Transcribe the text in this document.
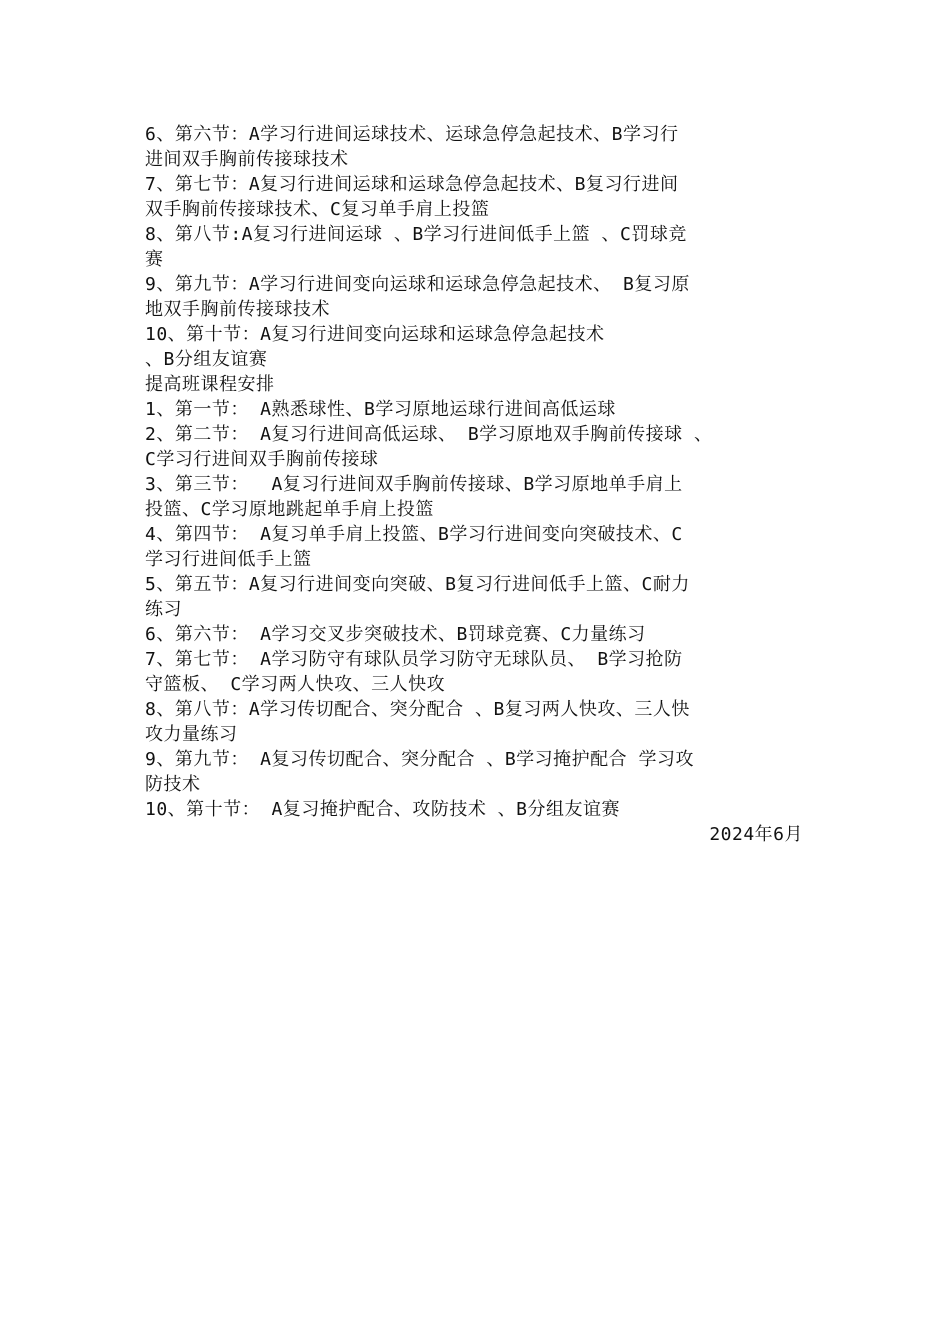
6、第六节：A学习行进间运球技术、运球急停急起技术、B学习行
进间双手胸前传接球技术
7、第七节：A复习行进间运球和运球急停急起技术、B复习行进间
双手胸前传接球技术、C复习单手肩上投篮
8、第八节:A复习行进间运球 、B学习行进间低手上篮 、C罚球竞
赛
9、第九节：A学习行进间变向运球和运球急停急起技术、 B复习原
地双手胸前传接球技术
10、第十节：A复习行进间变向运球和运球急停急起技术
、B分组友谊赛
提高班课程安排
1、第一节： A熟悉球性、B学习原地运球行进间高低运球
2、第二节： A复习行进间高低运球、 B学习原地双手胸前传接球 、
C学习行进间双手胸前传接球
3、第三节：  A复习行进间双手胸前传接球、B学习原地单手肩上
投篮、C学习原地跳起单手肩上投篮
4、第四节： A复习单手肩上投篮、B学习行进间变向突破技术、C
学习行进间低手上篮
5、第五节：A复习行进间变向突破、B复习行进间低手上篮、C耐力
练习
6、第六节： A学习交叉步突破技术、B罚球竞赛、C力量练习
7、第七节： A学习防守有球队员学习防守无球队员、 B学习抢防
守篮板、 C学习两人快攻、三人快攻
8、第八节：A学习传切配合、突分配合 、B复习两人快攻、三人快
攻力量练习
9、第九节： A复习传切配合、突分配合 、B学习掩护配合 学习攻
防技术
10、第十节： A复习掩护配合、攻防技术 、B分组友谊赛
2024年6月
